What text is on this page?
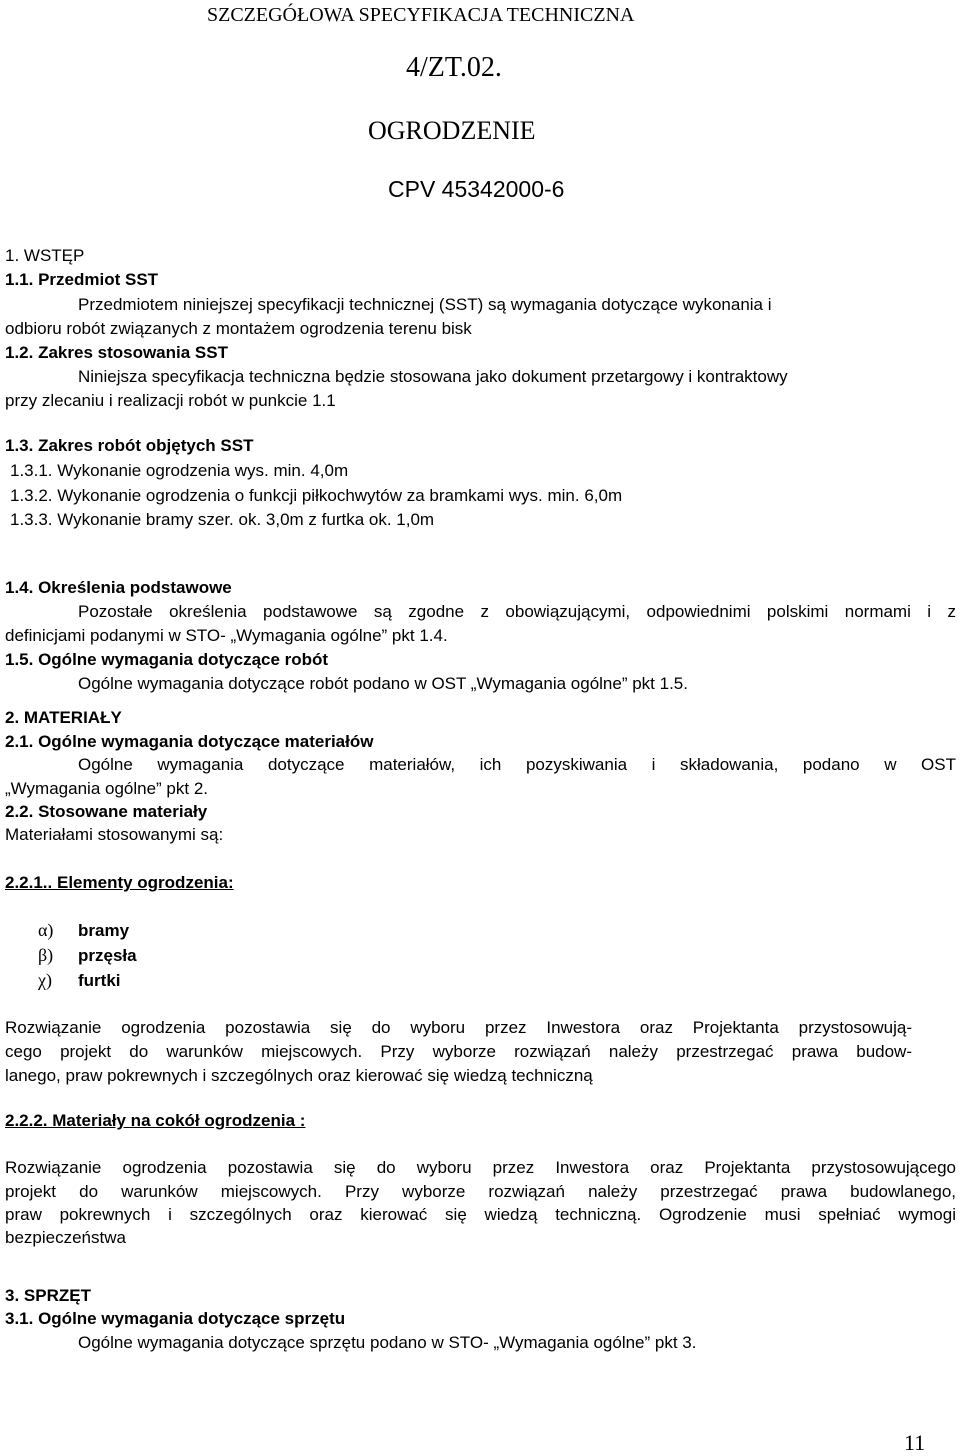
SZCZEGÓŁOWA SPECYFIKACJA TECHNICZNA
4/ZT.02.
OGRODZENIE
CPV 45342000-6
1. WSTĘP
1.1. Przedmiot SST
Przedmiotem niniejszej specyfikacji technicznej (SST) są wymagania dotyczące wykonania i
odbioru robót związanych z montażem ogrodzenia terenu bisk
1.2. Zakres stosowania SST
Niniejsza specyfikacja techniczna będzie stosowana jako dokument przetargowy i kontraktowy
przy zlecaniu i realizacji robót w punkcie 1.1
1.3. Zakres robót objętych SST
1.3.1. Wykonanie ogrodzenia wys. min. 4,0m
1.3.2. Wykonanie ogrodzenia o funkcji piłkochwytów za bramkami wys. min. 6,0m
1.3.3. Wykonanie bramy szer. ok. 3,0m z furtka ok. 1,0m
1.4. Określenia podstawowe
Pozostałe określenia podstawowe są zgodne z obowiązującymi, odpowiednimi polskimi normami i z
definicjami podanymi w STO- „Wymagania ogólne” pkt 1.4.
1.5. Ogólne wymagania dotyczące robót
Ogólne wymagania dotyczące robót podano w OST „Wymagania ogólne” pkt 1.5.
2. MATERIAŁY
2.1. Ogólne wymagania dotyczące materiałów
Ogólne wymagania dotyczące materiałów, ich pozyskiwania i składowania, podano w OST
„Wymagania ogólne” pkt 2.
2.2. Stosowane materiały
Materiałami stosowanymi są:
2.2.1.. Elementy ogrodzenia:
α) bramy
β) przęsła
χ) furtki
Rozwiązanie ogrodzenia pozostawia się do wyboru przez Inwestora oraz Projektanta przystosowują-
cego projekt do warunków miejscowych. Przy wyborze rozwiązań należy przestrzegać prawa budow-
lanego, praw pokrewnych i szczególnych oraz kierować się wiedzą techniczną
2.2.2. Materiały na cokół ogrodzenia :
Rozwiązanie ogrodzenia pozostawia się do wyboru przez Inwestora oraz Projektanta przystosowującego
projekt do warunków miejscowych. Przy wyborze rozwiązań należy przestrzegać prawa budowlanego,
praw pokrewnych i szczególnych oraz kierować się wiedzą techniczną. Ogrodzenie musi spełniać wymogi
bezpieczeństwa
3. SPRZĘT
3.1. Ogólne wymagania dotyczące sprzętu
Ogólne wymagania dotyczące sprzętu podano w STO- „Wymagania ogólne” pkt 3.
11
